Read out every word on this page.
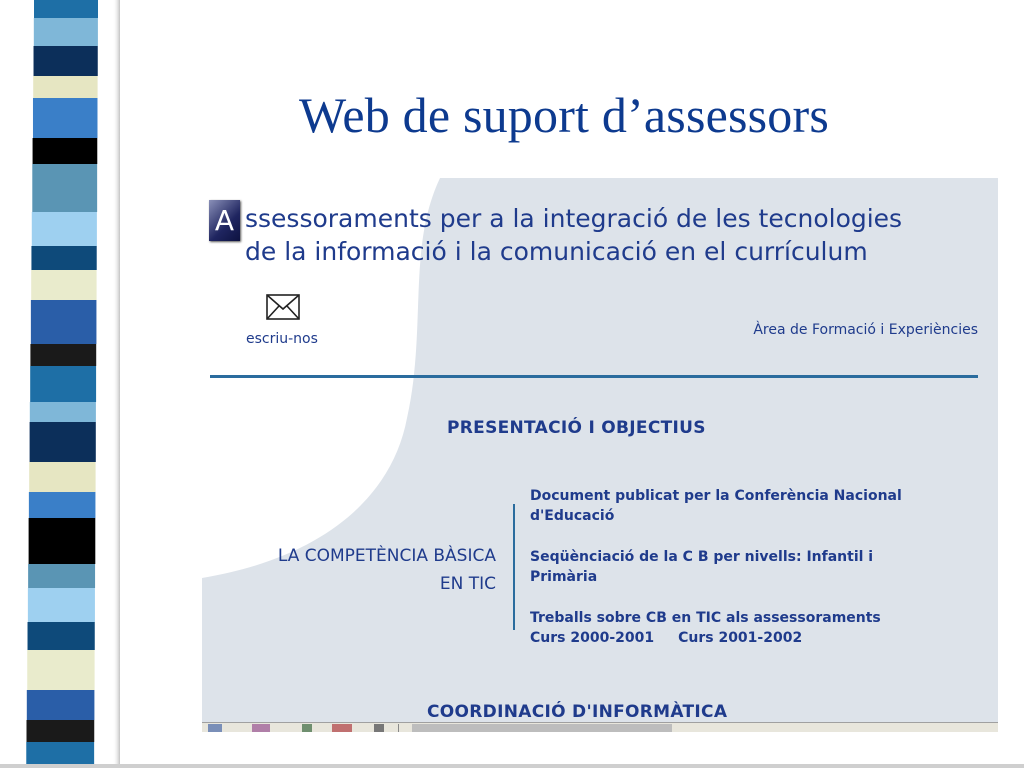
Web de suport d’assessors
A ssessoraments per a la integració de les tecnologies
de la informació i la comunicació en el currículum
escriu-nos
Àrea de Formació i Experiències
PRESENTACIÓ I OBJECTIUS
LA COMPETÈNCIA BÀSICA
EN TIC
Document publicat per la Conferència Nacional
d'Educació
Seqüènciació de la C B per nivells: Infantil i
Primària
Treballs sobre CB en TIC als assessoraments
Curs 2000-2001 Curs 2001-2002
COORDINACIÓ D'INFORMÀTICA
